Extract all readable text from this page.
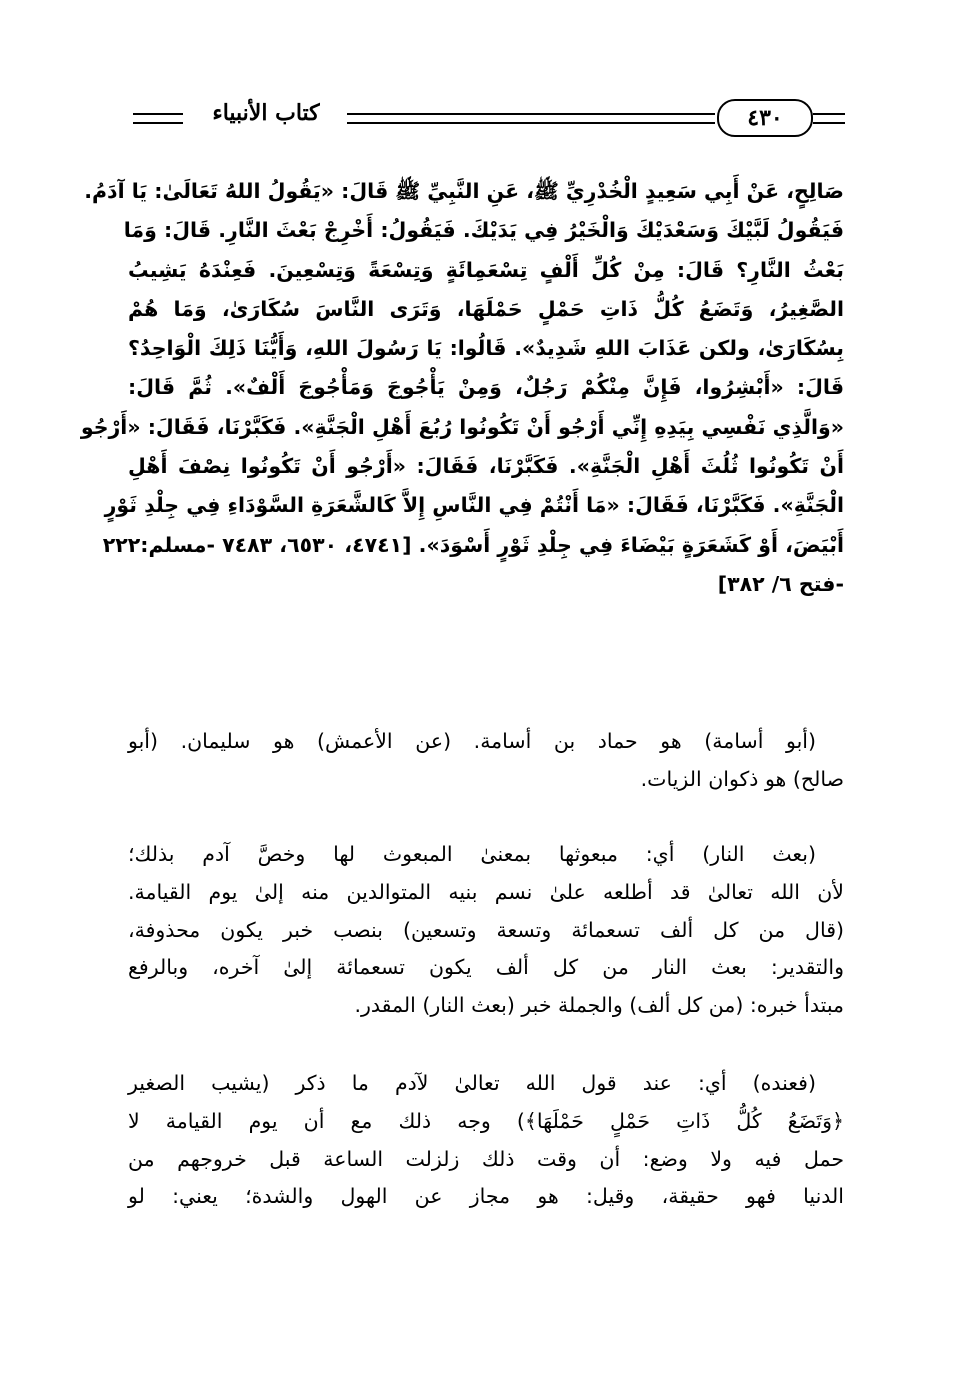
كتاب الأنبياء	٤٣٠
صَالِحٍ، عَنْ أَبِي سَعِيدٍ الْخُدْرِيِّ ﷺ، عَنِ النَّبِيِّ ﷺ قَالَ: «يَقُولُ اللهُ تَعَالَىٰ: يَا آدَمُ.
فَيَقُولُ لَبَّيْكَ وَسَعْدَيْكَ وَالْخَيْرُ فِي يَدَيْكَ. فَيَقُولُ: أَخْرِجْ بَعْثَ النَّارِ. قَالَ: وَمَا
بَعْثُ النَّارِ؟ قَالَ: مِنْ كُلِّ أَلْفٍ تِسْعَمِائَةٍ وَتِسْعَةً وَتِسْعِينَ. فَعِنْدَهُ يَشِيبُ
الصَّغِيرُ، وَتَضَعُ كُلُّ ذَاتِ حَمْلٍ حَمْلَهَا، وَتَرَى النَّاسَ سُكَارَىٰ، وَمَا هُمْ
بِسُكَارَىٰ، ولكن عَذَابَ اللهِ شَدِيدٌ». قَالُوا: يَا رَسُولَ اللهِ، وَأَيُّنَا ذَلِكَ الْوَاحِدُ؟
قَالَ: «أَبْشِرُوا، فَإِنَّ مِنْكُمْ رَجُلٌ، وَمِنْ يَأْجُوجَ وَمَأْجُوجَ أَلْفٌ». ثُمَّ قَالَ:
«وَالَّذِي نَفْسِي بِيَدِهِ إِنِّي أَرْجُو أَنْ تَكُونُوا رُبُعَ أَهْلِ الْجَنَّةِ». فَكَبَّرْنَا، فَقَالَ: «أَرْجُو
أَنْ تَكُونُوا ثُلُثَ أَهْلِ الْجَنَّةِ». فَكَبَّرْنَا، فَقَالَ: «أَرْجُو أَنْ تَكُونُوا نِصْفَ أَهْلِ
الْجَنَّةِ». فَكَبَّرْنَا، فَقَالَ: «مَا أَنْتُمْ فِي النَّاسِ إِلاَّ كَالشَّعَرَةِ السَّوْدَاءِ فِي جِلْدِ ثَوْرٍ
أَبْيَضَ، أَوْ كَشَعَرَةٍ بَيْضَاءَ فِي جِلْدِ ثَوْرٍ أَسْوَدَ». [٤٧٤١، ٦٥٣٠، ٧٤٨٣ -مسلم:٢٢٢
-فتح ٦/ ٣٨٢]
(أبو أسامة) هو حماد بن أسامة. (عن الأعمش) هو سليمان. (أبو
صالح) هو ذكوان الزيات.
(بعث النار) أي: مبعوثها بمعنىٰ المبعوث لها وخصَّ آدم بذلك؛
لأن الله تعالىٰ قد أطلعه علىٰ نسم بنيه المتوالدين منه إلىٰ يوم القيامة.
(قال من كل ألف تسعمائة وتسعة وتسعين) بنصب خبر يكون محذوفة،
والتقدير: بعث النار من كل ألف يكون تسعمائة إلىٰ آخره، وبالرفع
مبتدأ خبره: (من كل ألف) والجملة خبر (بعث النار) المقدر.
(فعنده) أي: عند قول الله تعالىٰ لآدم ما ذكر (يشيب الصغير
﴿وَتَضَعُ كُلُّ ذَاتِ حَمْلٍ حَمْلَهَا﴾) وجه ذلك مع أن يوم القيامة لا
حمل فيه ولا وضع: أن وقت ذلك زلزلت الساعة قبل خروجهم من
الدنيا فهو حقيقة، وقيل: هو مجاز عن الهول والشدة؛ يعني: لو
